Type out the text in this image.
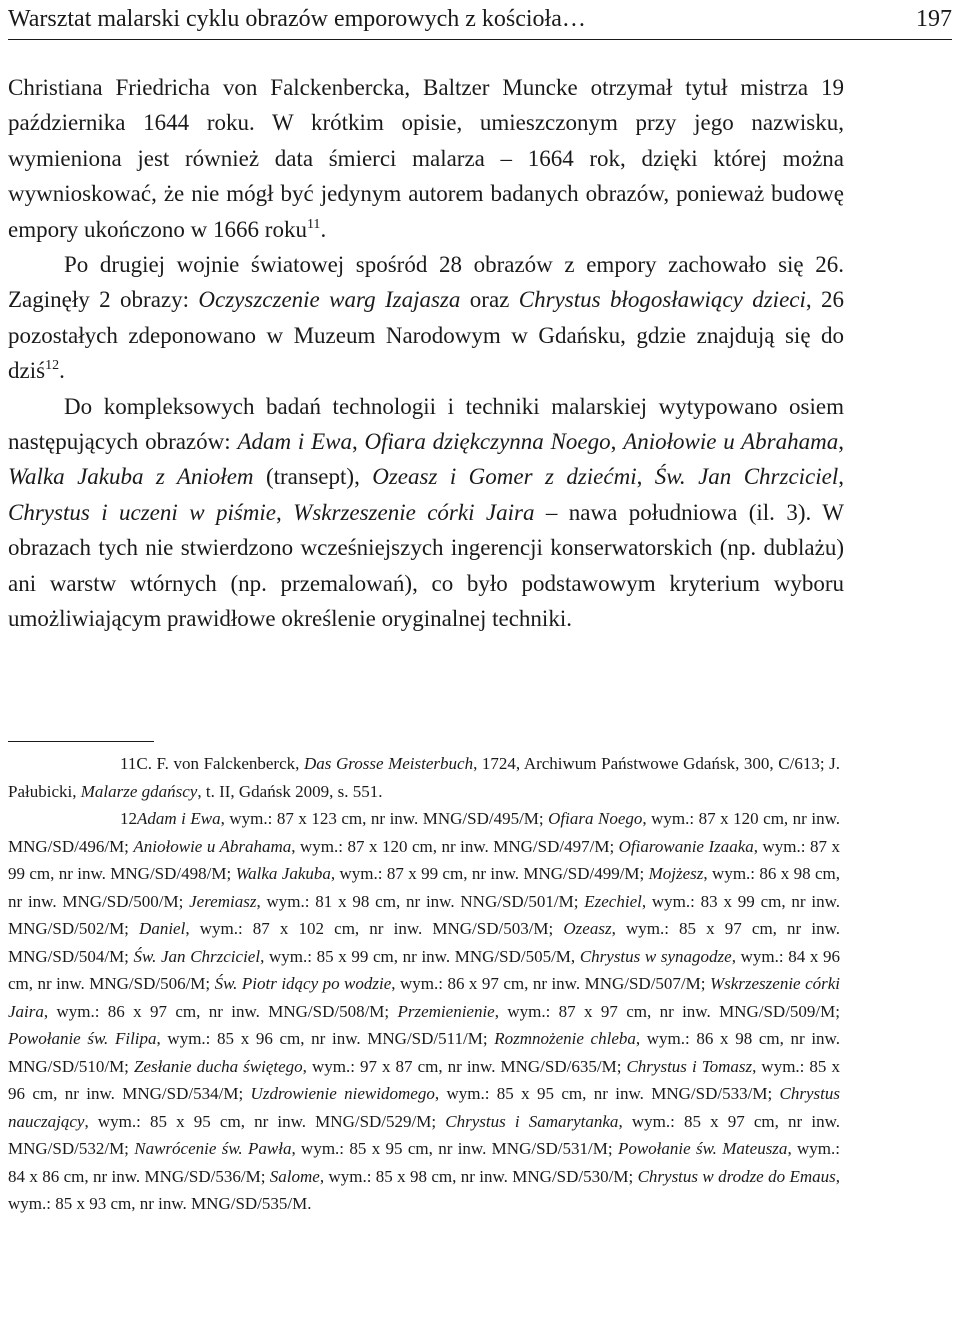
Warsztat malarski cyklu obrazów emporowych z kościoła…	197

Christiana Friedricha von Falckenbercka, Baltzer Muncke otrzymał tytuł mistrza 19 października 1644 roku. W krótkim opisie, umieszczonym przy jego nazwisku, wymieniona jest również data śmierci malarza – 1664 rok, dzięki której można wywnioskować, że nie mógł być jedynym autorem badanych obrazów, ponieważ budowę empory ukończono w 1666 roku$^{11}$.

Po drugiej wojnie światowej spośród 28 obrazów z empory zachowało się 26. Zaginęły 2 obrazy: Oczyszczenie warg Izajasza oraz Chrystus błogosławiący dzieci, 26 pozostałych zdeponowano w Muzeum Narodowym w Gdańsku, gdzie znajdują się do dziś$^{12}$.

Do kompleksowych badań technologii i techniki malarskiej wytypowano osiem następujących obrazów: Adam i Ewa, Ofiara dziękczynna Noego, Aniołowie u Abrahama, Walka Jakuba z Aniołem (transept), Ozeasz i Gomer z dziećmi, Św. Jan Chrzciciel, Chrystus i uczeni w piśmie, Wskrzeszenie córki Jaira – nawa południowa (il. 3). W obrazach tych nie stwierdzono wcześniejszych ingerencji konserwatorskich (np. dublażu) ani warstw wtórnych (np. przemalowań), co było podstawowym kryterium wyboru umożliwiającym prawidłowe określenie oryginalnej techniki.

11C. F. von Falckenberck, Das Grosse Meisterbuch, 1724, Archiwum Państwowe Gdańsk, 300, C/613; J. Pałubicki, Malarze gdańscy, t. II, Gdańsk 2009, s. 551.

12Adam i Ewa, wym.: 87 x 123 cm, nr inw. MNG/SD/495/M; Ofiara Noego, wym.: 87 x 120 cm, nr inw. MNG/SD/496/M; Aniołowie u Abrahama, wym.: 87 x 120 cm, nr inw. MNG/SD/497/M; Ofiarowanie Izaaka, wym.: 87 x 99 cm, nr inw. MNG/SD/498/M; Walka Jakuba, wym.: 87 x 99 cm, nr inw. MNG/SD/499/M; Mojżesz, wym.: 86 x 98 cm, nr inw. MNG/SD/500/M; Jeremiasz, wym.: 81 x 98 cm, nr inw. NNG/SD/501/M; Ezechiel, wym.: 83 x 99 cm, nr inw. MNG/SD/502/M; Daniel, wym.: 87 x 102 cm, nr inw. MNG/SD/503/M; Ozeasz, wym.: 85 x 97 cm, nr inw. MNG/SD/504/M; Św. Jan Chrzciciel, wym.: 85 x 99 cm, nr inw. MNG/SD/505/M, Chrystus w synagodze, wym.: 84 x 96 cm, nr inw. MNG/SD/506/M; Św. Piotr idący po wodzie, wym.: 86 x 97 cm, nr inw. MNG/SD/507/M; Wskrzeszenie córki Jaira, wym.: 86 x 97 cm, nr inw. MNG/SD/508/M; Przemienienie, wym.: 87 x 97 cm, nr inw. MNG/SD/509/M; Powołanie św. Filipa, wym.: 85 x 96 cm, nr inw. MNG/SD/511/M; Rozmnożenie chleba, wym.: 86 x 98 cm, nr inw. MNG/SD/510/M; Zesłanie ducha świętego, wym.: 97 x 87 cm, nr inw. MNG/SD/635/M; Chrystus i Tomasz, wym.: 85 x 96 cm, nr inw. MNG/SD/534/M; Uzdrowienie niewidomego, wym.: 85 x 95 cm, nr inw. MNG/SD/533/M; Chrystus nauczający, wym.: 85 x 95 cm, nr inw. MNG/SD/529/M; Chrystus i Samarytanka, wym.: 85 x 97 cm, nr inw. MNG/SD/532/M; Nawrócenie św. Pawła, wym.: 85 x 95 cm, nr inw. MNG/SD/531/M; Powołanie św. Mateusza, wym.: 84 x 86 cm, nr inw. MNG/SD/536/M; Salome, wym.: 85 x 98 cm, nr inw. MNG/SD/530/M; Chrystus w drodze do Emaus, wym.: 85 x 93 cm, nr inw. MNG/SD/535/M.
